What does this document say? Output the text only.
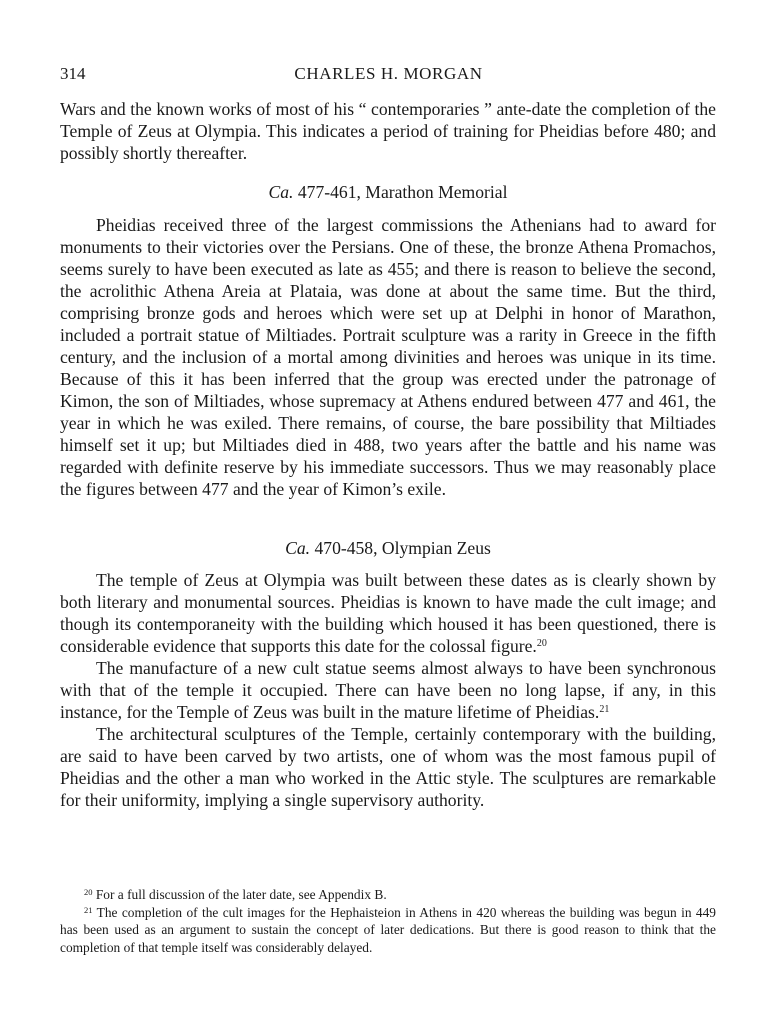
314	CHARLES H. MORGAN

Wars and the known works of most of his “ contemporaries ” ante-date the completion of the Temple of Zeus at Olympia. This indicates a period of training for Pheidias before 480; and possibly shortly thereafter.

Ca. 477-461, Marathon Memorial

Pheidias received three of the largest commissions the Athenians had to award for monuments to their victories over the Persians. One of these, the bronze Athena Promachos, seems surely to have been executed as late as 455; and there is reason to believe the second, the acrolithic Athena Areia at Plataia, was done at about the same time. But the third, comprising bronze gods and heroes which were set up at Delphi in honor of Marathon, included a portrait statue of Miltiades. Portrait sculpture was a rarity in Greece in the fifth century, and the inclusion of a mortal among divinities and heroes was unique in its time. Because of this it has been inferred that the group was erected under the patronage of Kimon, the son of Miltiades, whose supremacy at Athens endured between 477 and 461, the year in which he was exiled. There remains, of course, the bare possibility that Miltiades himself set it up; but Miltiades died in 488, two years after the battle and his name was regarded with definite reserve by his immediate successors. Thus we may reasonably place the figures between 477 and the year of Kimon’s exile.

Ca. 470-458, Olympian Zeus

The temple of Zeus at Olympia was built between these dates as is clearly shown by both literary and monumental sources. Pheidias is known to have made the cult image; and though its contemporaneity with the building which housed it has been questioned, there is considerable evidence that supports this date for the colossal figure.$^{20}$

The manufacture of a new cult statue seems almost always to have been synchronous with that of the temple it occupied. There can have been no long lapse, if any, in this instance, for the Temple of Zeus was built in the mature lifetime of Pheidias.$^{21}$

The architectural sculptures of the Temple, certainly contemporary with the building, are said to have been carved by two artists, one of whom was the most famous pupil of Pheidias and the other a man who worked in the Attic style. The sculptures are remarkable for their uniformity, implying a single supervisory authority.

$^{20}$ For a full discussion of the later date, see Appendix B.

$^{21}$ The completion of the cult images for the Hephaisteion in Athens in 420 whereas the building was begun in 449 has been used as an argument to sustain the concept of later dedications. But there is good reason to think that the completion of that temple itself was considerably delayed.
